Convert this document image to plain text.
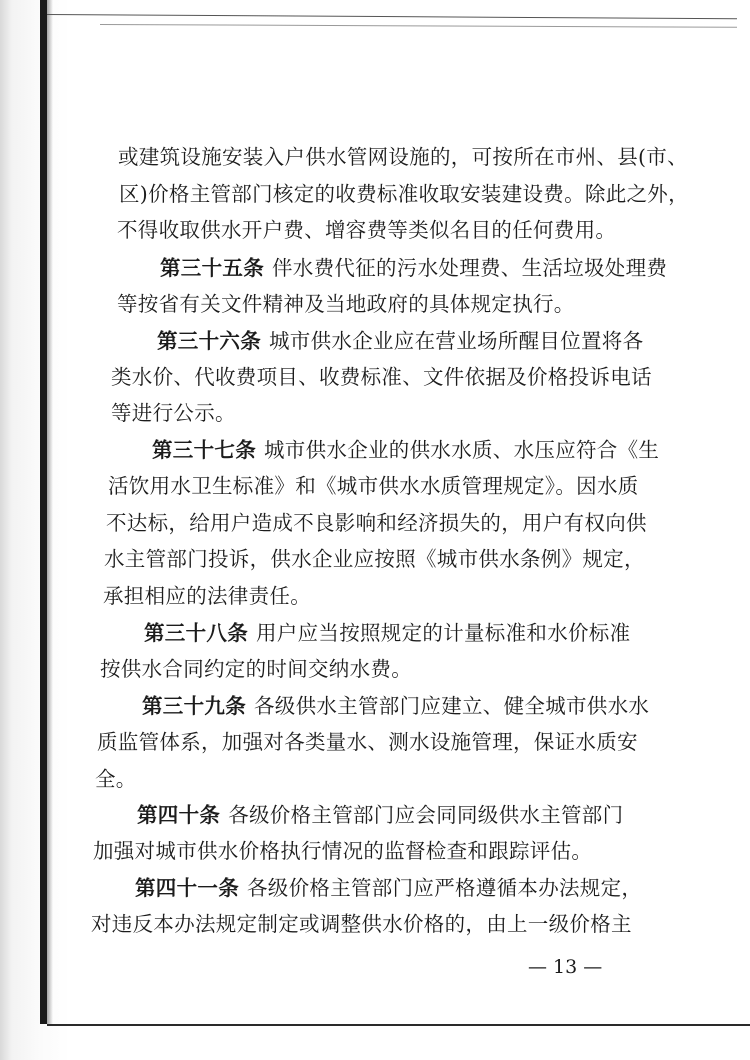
或建筑设施安装入户供水管网设施的，可按所在市州、县(市、
区)价格主管部门核定的收费标准收取安装建设费。除此之外，
不得收取供水开户费、增容费等类似名目的任何费用。
第三十五条 伴水费代征的污水处理费、生活垃圾处理费
等按省有关文件精神及当地政府的具体规定执行。
第三十六条 城市供水企业应在营业场所醒目位置将各
类水价、代收费项目、收费标准、文件依据及价格投诉电话
等进行公示。
第三十七条 城市供水企业的供水水质、水压应符合《生
活饮用水卫生标准》和《城市供水水质管理规定》。因水质
不达标，给用户造成不良影响和经济损失的，用户有权向供
水主管部门投诉，供水企业应按照《城市供水条例》规定，
承担相应的法律责任。
第三十八条 用户应当按照规定的计量标准和水价标准
按供水合同约定的时间交纳水费。
第三十九条 各级供水主管部门应建立、健全城市供水水
质监管体系，加强对各类量水、测水设施管理，保证水质安
全。
第四十条 各级价格主管部门应会同同级供水主管部门
加强对城市供水价格执行情况的监督检查和跟踪评估。
第四十一条 各级价格主管部门应严格遵循本办法规定，
对违反本办法规定制定或调整供水价格的，由上一级价格主
— 13 —
